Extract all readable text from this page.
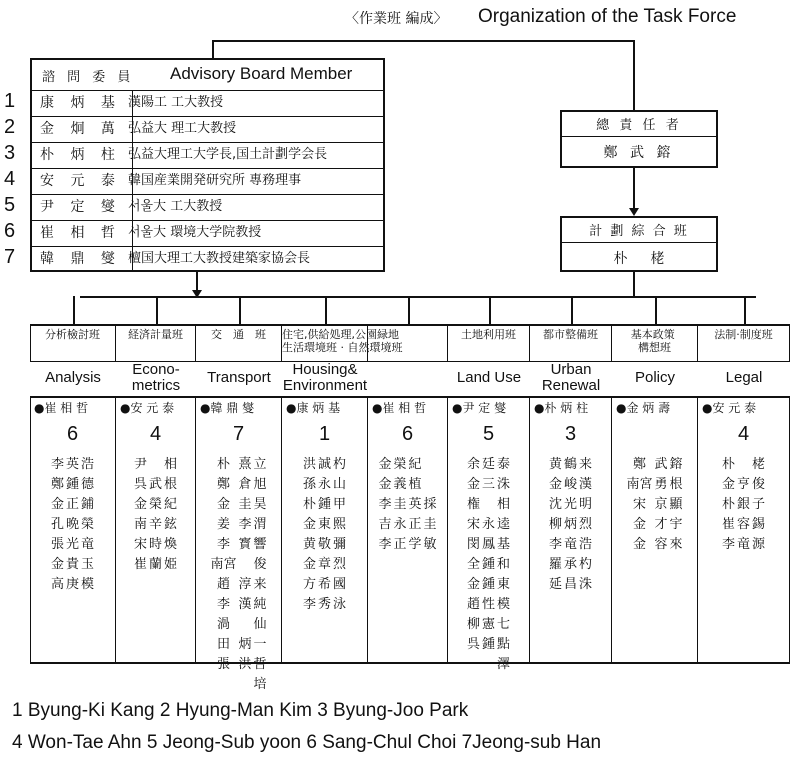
〈作業班 編成〉 Organization of the Task Force
諮 問 委 員 Advisory Board Member
康 炳 基 漢陽工 工大教授
金 炯 萬 弘益大 理工大教授
朴 炳 柱 弘益大理工大学長,国土計劃学会長
安 元 泰 韓国産業開発研究所 專務理事
尹 定 燮 서울大 工大教授
崔 相 哲 서울大 環境大学院教授
韓 鼎 燮 檀国大理工大教授建築家協会長
1
2
3
4
5
6
7
總 責 任 者
鄭 武 鎔
計 劃 綜 合 班
朴 　 栳
分析檢討班
Analysis
経済計量班
Econo-
metrics
交　通　班
Transport
住宅,供給処理,公園緑地
生活環境班 · 自然環境班
Housing&
Environment
土地利用班
Land Use
都市整備班
Urban
Renewal
基本政策
構想班
Policy
法制·制度班
Legal
●崔 相 哲
6
李
鄭
金
孔
張
金
高
英
鍾
正
晩
光
貴
庚
浩
德
鋪
榮
竜
玉
模
●安 元 泰
4
尹
呉
金
南
宋
崔

武
榮
辛
時
蘭
相
根
紀
鉉
煥
姫
●韓 鼎 燮
7
朴
鄭
金
姜
李
南宮
趙
李
渦
田
張
熹
倉
圭
李
寳

淳
漢

炳
洪
立
旭
昊
渭
響
俊
来
純
仙
一
哲
培
●康 炳 基
1
洪
孫
朴
金
黄
金
方
李
誠
永
鍾
東
敬
章
希
秀
杓
山
甲
熙
彌
烈
國
泳
●崔 相 哲
6
金
金
李
吉
李
榮
義
圭
永
正
紀
植
英
正
学

採
圭
敏
●尹 定 燮
5
余
金
権
宋
閔
全
金
趙
柳
呉
廷
三

永
鳳
鍾
鍾
性
憲
鍾
泰
洙
相
逵
基
和
東
模
七
點
澤
●朴 炳 柱
3
黄
金
沈
柳
李
羅
延
鶴
峻
光
炳
竜
承
昌
来
漢
明
烈
浩
杓
洙
●金 炳 壽
鄭
南宮
宋
金
金
武
勇
京
才
容
鎔
根
顯
宇
來
●安 元 泰
4
朴
金
朴
崔
李

亨
銀
容
竜
栳
俊
子
錫
源
1 Byung-Ki Kang 2 Hyung-Man Kim 3 Byung-Joo Park
4 Won-Tae Ahn 5 Jeong-Sub yoon 6 Sang-Chul Choi 7Jeong-sub Han
